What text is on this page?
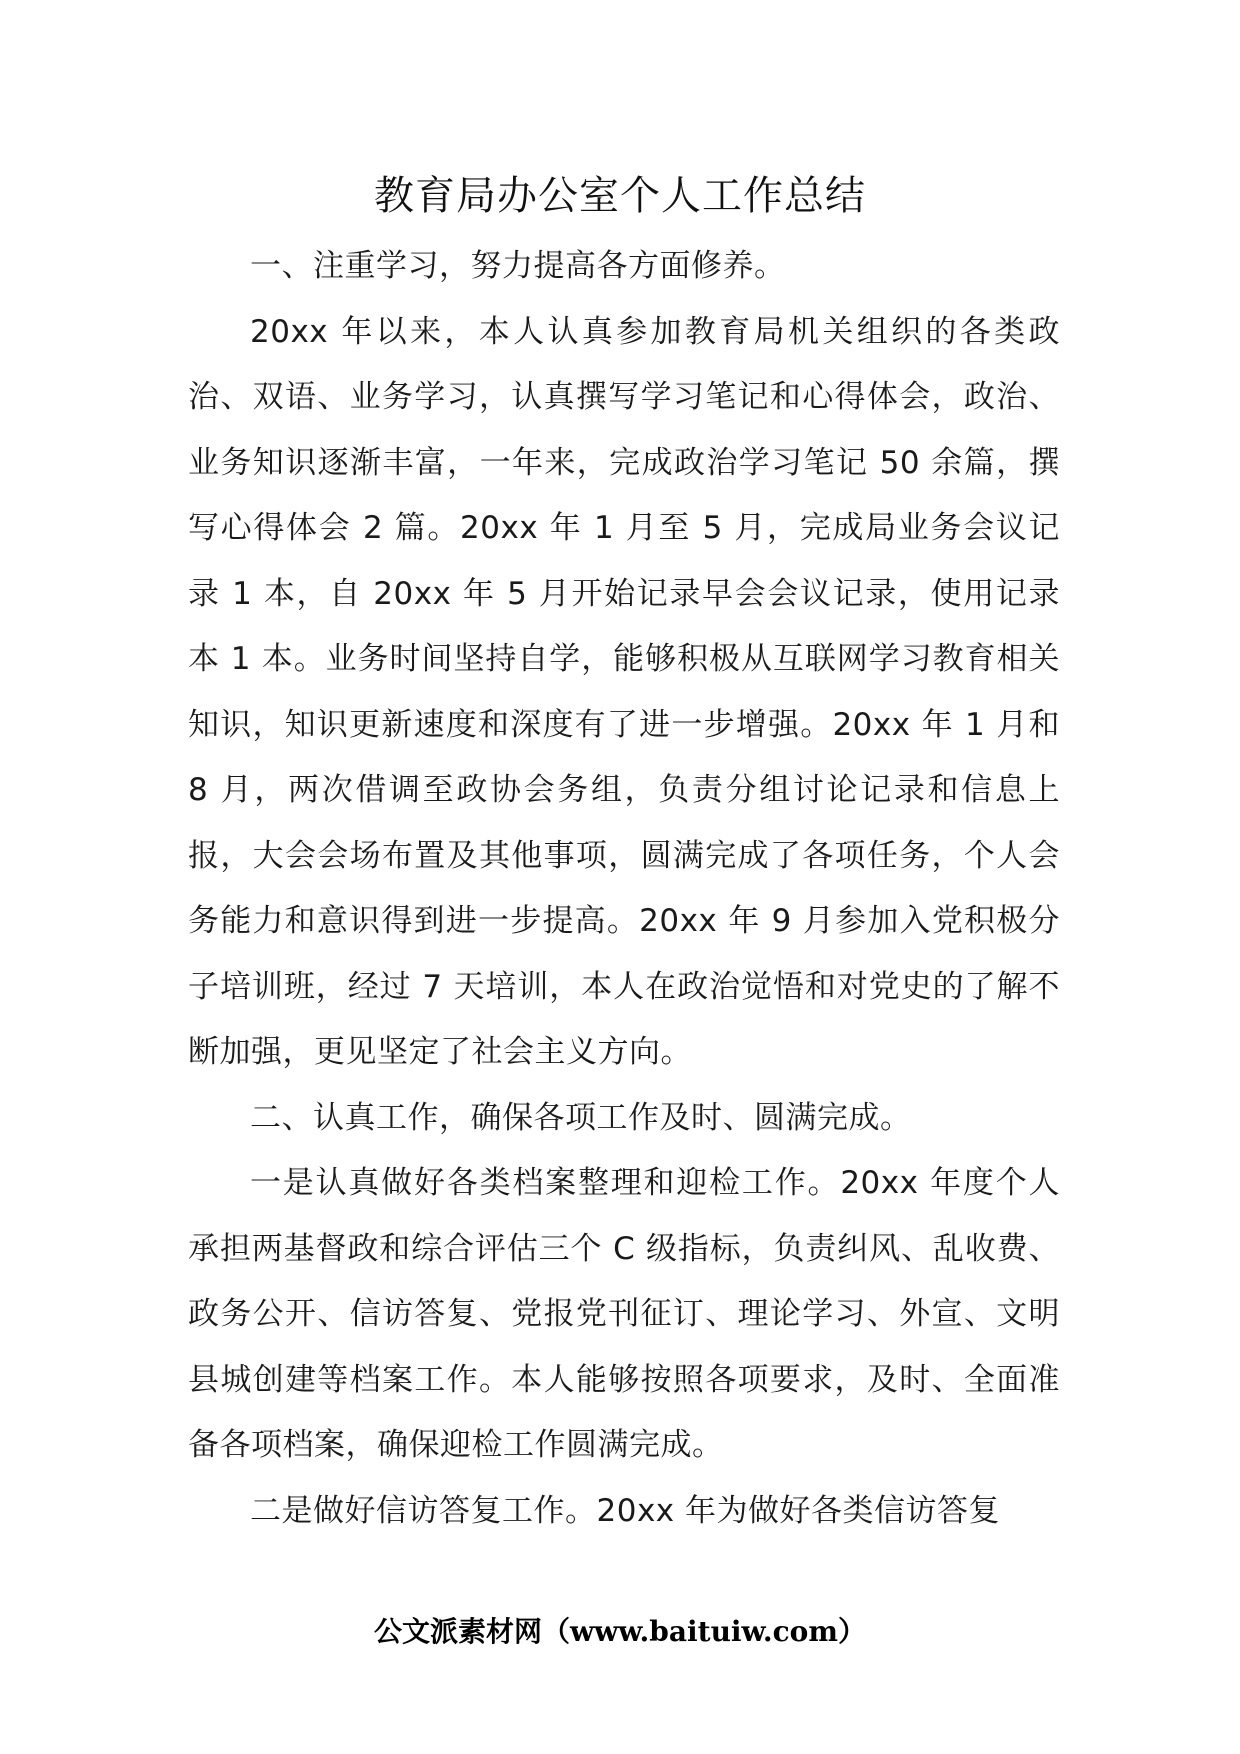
教育局办公室个人工作总结

一、注重学习，努力提高各方面修养。

20xx 年以来，本人认真参加教育局机关组织的各类政治、双语、业务学习，认真撰写学习笔记和心得体会，政治、业务知识逐渐丰富，一年来，完成政治学习笔记 50 余篇，撰写心得体会 2 篇。20xx 年 1 月至 5 月，完成局业务会议记录 1 本，自 20xx 年 5 月开始记录早会会议记录，使用记录本 1 本。业务时间坚持自学，能够积极从互联网学习教育相关知识，知识更新速度和深度有了进一步增强。20xx 年 1 月和 8 月，两次借调至政协会务组，负责分组讨论记录和信息上报，大会会场布置及其他事项，圆满完成了各项任务，个人会务能力和意识得到进一步提高。20xx 年 9 月参加入党积极分子培训班，经过 7 天培训，本人在政治觉悟和对党史的了解不断加强，更见坚定了社会主义方向。

二、认真工作，确保各项工作及时、圆满完成。

一是认真做好各类档案整理和迎检工作。20xx 年度个人承担两基督政和综合评估三个 C 级指标，负责纠风、乱收费、政务公开、信访答复、党报党刊征订、理论学习、外宣、文明县城创建等档案工作。本人能够按照各项要求，及时、全面准备各项档案，确保迎检工作圆满完成。

二是做好信访答复工作。20xx 年为做好各类信访答复

公文派素材网（www.baituiw.com）
